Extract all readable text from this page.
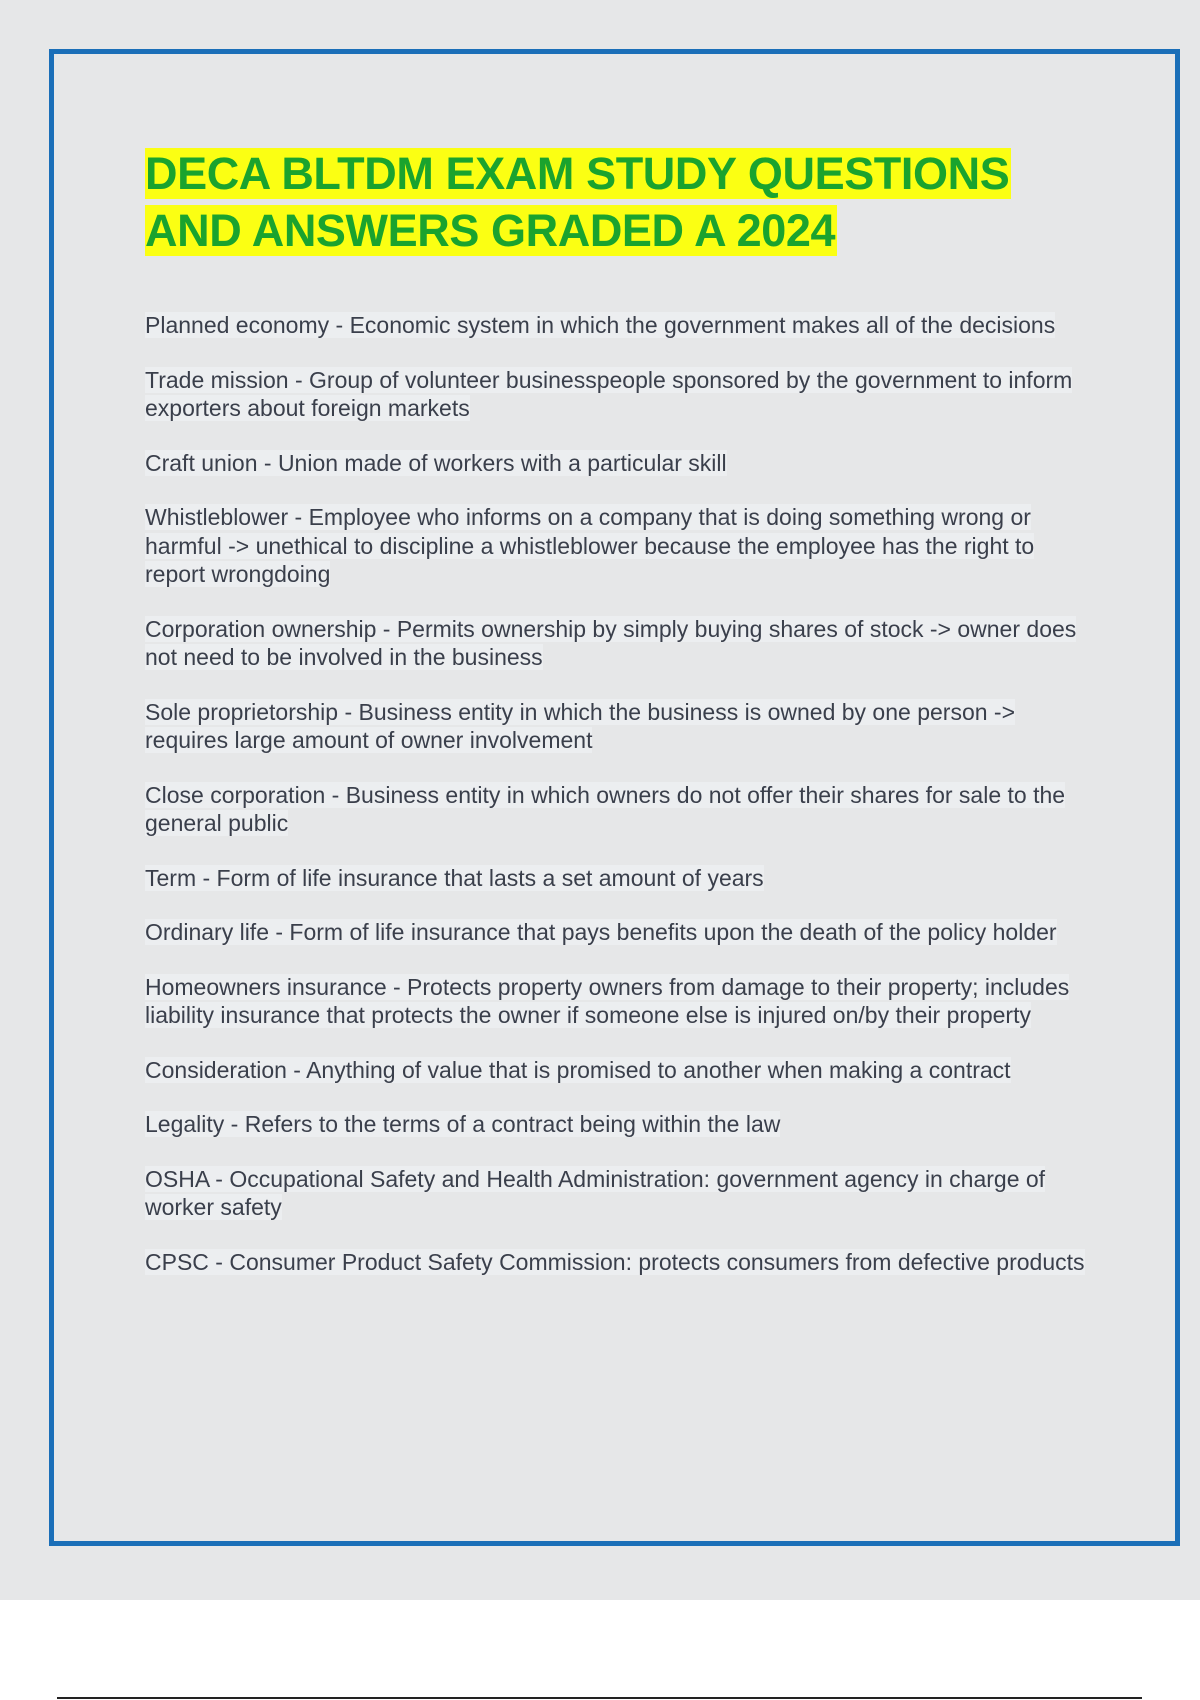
DECA BLTDM EXAM STUDY QUESTIONS
AND ANSWERS GRADED A 2024

Planned economy - Economic system in which the government makes all of the decisions

Trade mission - Group of volunteer businesspeople sponsored by the government to inform exporters about foreign markets

Craft union - Union made of workers with a particular skill

Whistleblower - Employee who informs on a company that is doing something wrong or harmful -> unethical to discipline a whistleblower because the employee has the right to report wrongdoing

Corporation ownership - Permits ownership by simply buying shares of stock -> owner does not need to be involved in the business

Sole proprietorship - Business entity in which the business is owned by one person -> requires large amount of owner involvement

Close corporation - Business entity in which owners do not offer their shares for sale to the general public

Term - Form of life insurance that lasts a set amount of years

Ordinary life - Form of life insurance that pays benefits upon the death of the policy holder

Homeowners insurance - Protects property owners from damage to their property; includes liability insurance that protects the owner if someone else is injured on/by their property

Consideration - Anything of value that is promised to another when making a contract

Legality - Refers to the terms of a contract being within the law

OSHA - Occupational Safety and Health Administration: government agency in charge of worker safety

CPSC - Consumer Product Safety Commission: protects consumers from defective products
